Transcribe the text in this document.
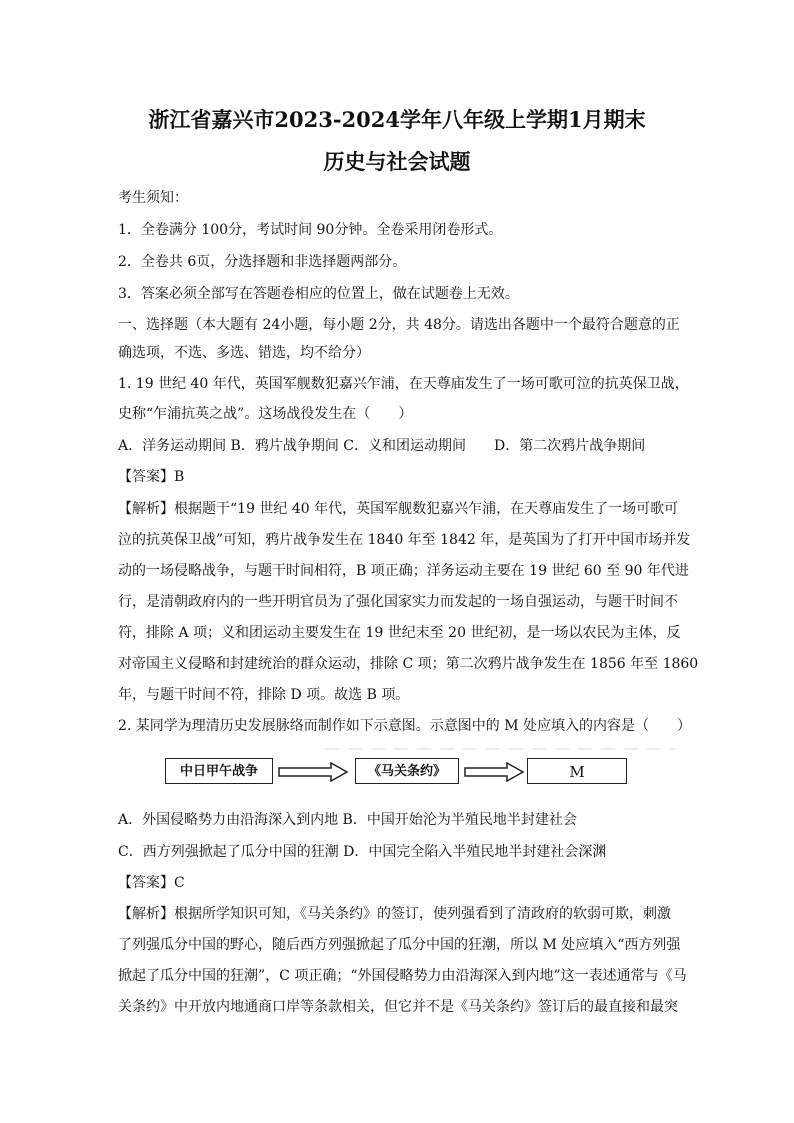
浙江省嘉兴市2023-2024学年八年级上学期1月期末
历史与社会试题
考生须知：
1．全卷满分 100分，考试时间 90分钟。全卷采用闭卷形式。
2．全卷共 6页，分选择题和非选择题两部分。
3．答案必须全部写在答题卷相应的位置上，做在试题卷上无效。
一、选择题（本大题有 24小题，每小题 2分，共 48分。请选出各题中一个最符合题意的正
确选项，不选、多选、错选，均不给分）
1. 19 世纪 40 年代，英国军舰数犯嘉兴乍浦，在天尊庙发生了一场可歌可泣的抗英保卫战，
史称“乍浦抗英之战”。这场战役发生在（　　）
A．洋务运动期间 B．鸦片战争期间 C．义和团运动期间　　D．第二次鸦片战争期间
【答案】B
【解析】根据题干“19 世纪 40 年代，英国军舰数犯嘉兴乍浦，在天尊庙发生了一场可歌可
泣的抗英保卫战”可知，鸦片战争发生在 1840 年至 1842 年，是英国为了打开中国市场并发
动的一场侵略战争，与题干时间相符，B 项正确；洋务运动主要在 19 世纪 60 至 90 年代进
行，是清朝政府内的一些开明官员为了强化国家实力而发起的一场自强运动，与题干时间不
符，排除 A 项；义和团运动主要发生在 19 世纪末至 20 世纪初，是一场以农民为主体，反
对帝国主义侵略和封建统治的群众运动，排除 C 项；第二次鸦片战争发生在 1856 年至 1860
年，与题干时间不符，排除 D 项。故选 B 项。
2. 某同学为理清历史发展脉络而制作如下示意图。示意图中的 M 处应填入的内容是（　　）
中日甲午战争	《马关条约》	M
A．外国侵略势力由沿海深入到内地 B．中国开始沦为半殖民地半封建社会
C．西方列强掀起了瓜分中国的狂潮 D．中国完全陷入半殖民地半封建社会深渊
【答案】C
【解析】根据所学知识可知，《马关条约》的签订，使列强看到了清政府的软弱可欺，刺激
了列强瓜分中国的野心，随后西方列强掀起了瓜分中国的狂潮，所以 M 处应填入“西方列强
掀起了瓜分中国的狂潮”，C 项正确；“外国侵略势力由沿海深入到内地”这一表述通常与《马
关条约》中开放内地通商口岸等条款相关，但它并不是《马关条约》签订后的最直接和最突
